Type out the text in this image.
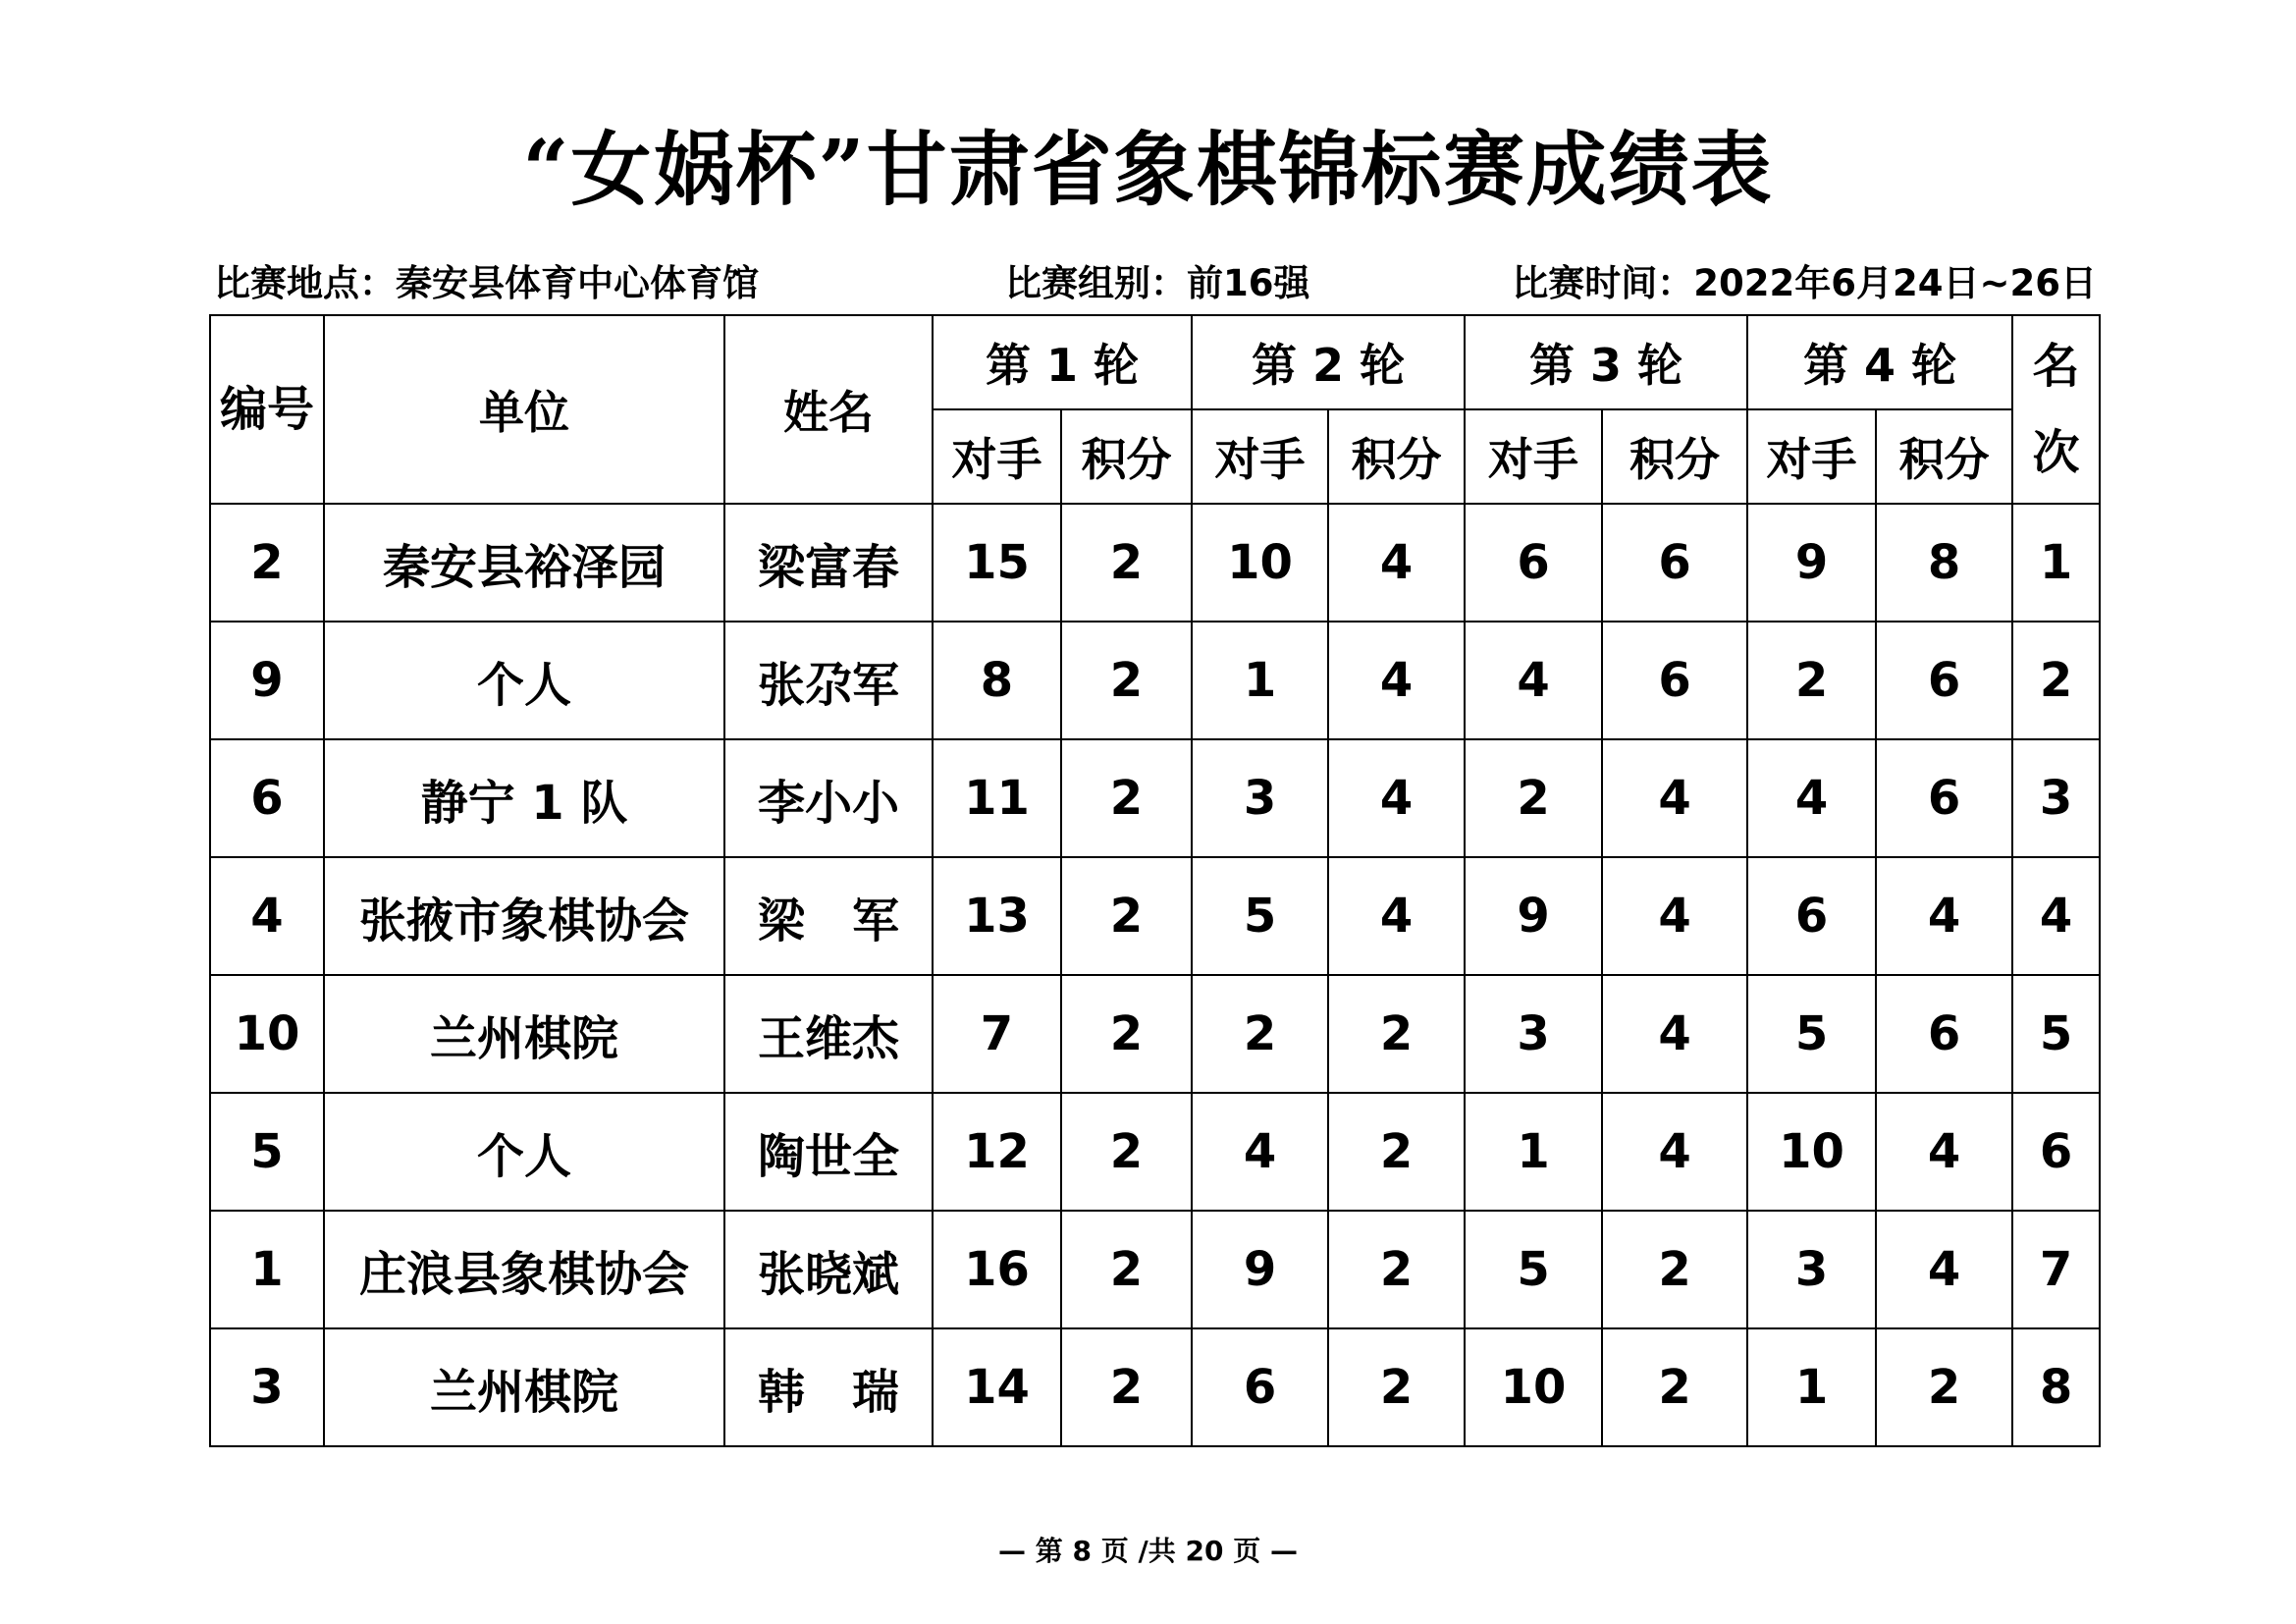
“女娲杯”甘肃省象棋锦标赛成绩表
比赛地点：秦安县体育中心体育馆	比赛组别：前16强	比赛时间：2022年6月24日~26日
编号	单位	姓名	第 1 轮		第 2 轮		第 3 轮		第 4 轮		名次
			对手	积分	对手	积分	对手	积分	对手	积分	
2	秦安县裕泽园	梁富春	15	2	10	4	6	6	9	8	1
9	个人	张尕军	8	2	1	4	4	6	2	6	2
6	静宁 1 队	李小小	11	2	3	4	2	4	4	6	3
4	张掖市象棋协会	梁　军	13	2	5	4	9	4	6	4	4
10	兰州棋院	王维杰	7	2	2	2	3	4	5	6	5
5	个人	陶世全	12	2	4	2	1	4	10	4	6
1	庄浪县象棋协会	张晓斌	16	2	9	2	5	2	3	4	7
3	兰州棋院	韩　瑞	14	2	6	2	10	2	1	2	8
— 第 8 页 /共 20 页 —
